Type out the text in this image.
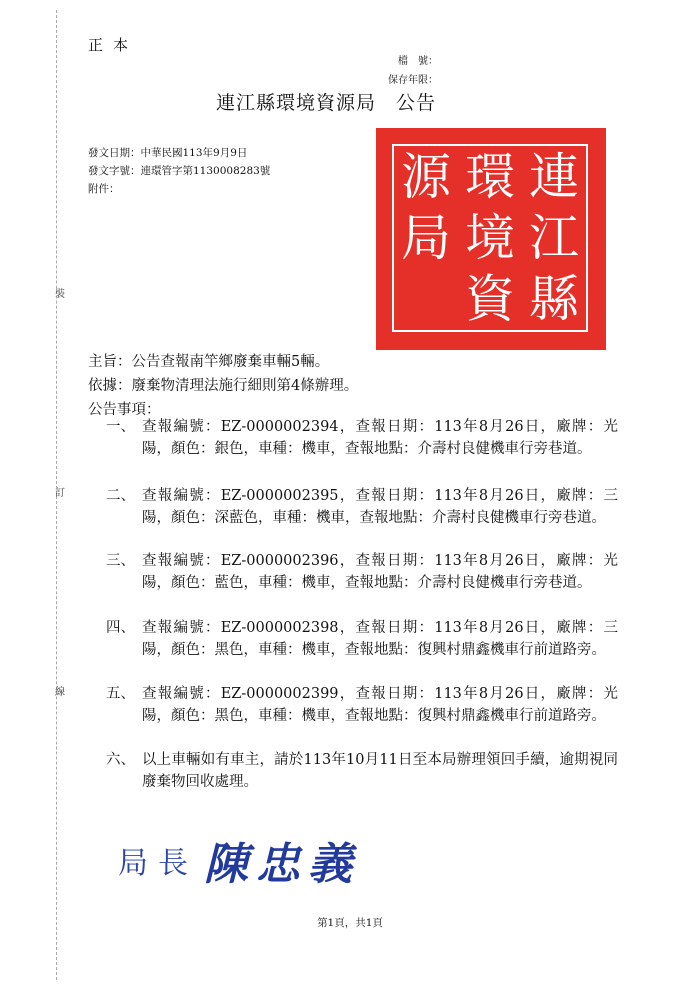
正本
檔　號：
保存年限：
連江縣環境資源局　公告
發文日期：中華民國113年9月9日
發文字號：連環管字第1130008283號
附件：
裝
訂
線
連
江
縣
環
境
資
源
局
主旨：公告查報南竿鄉廢棄車輛5輛。
依據：廢棄物清理法施行細則第4條辦理。
公告事項：
一、 查報編號：EZ-0000002394，查報日期：113年8月26日，廠牌：光陽，顏色：銀色，車種：機車，查報地點：介壽村良健機車行旁巷道。
二、 查報編號：EZ-0000002395，查報日期：113年8月26日，廠牌：三陽，顏色：深藍色，車種：機車，查報地點：介壽村良健機車行旁巷道。
三、 查報編號：EZ-0000002396，查報日期：113年8月26日，廠牌：光陽，顏色：藍色，車種：機車，查報地點：介壽村良健機車行旁巷道。
四、 查報編號：EZ-0000002398，查報日期：113年8月26日，廠牌：三陽，顏色：黑色，車種：機車，查報地點：復興村鼎鑫機車行前道路旁。
五、 查報編號：EZ-0000002399，查報日期：113年8月26日，廠牌：光陽，顏色：黑色，車種：機車，查報地點：復興村鼎鑫機車行前道路旁。
六、 以上車輛如有車主，請於113年10月11日至本局辦理領回手續，逾期視同廢棄物回收處理。
局長 陳忠義
第1頁，共1頁
